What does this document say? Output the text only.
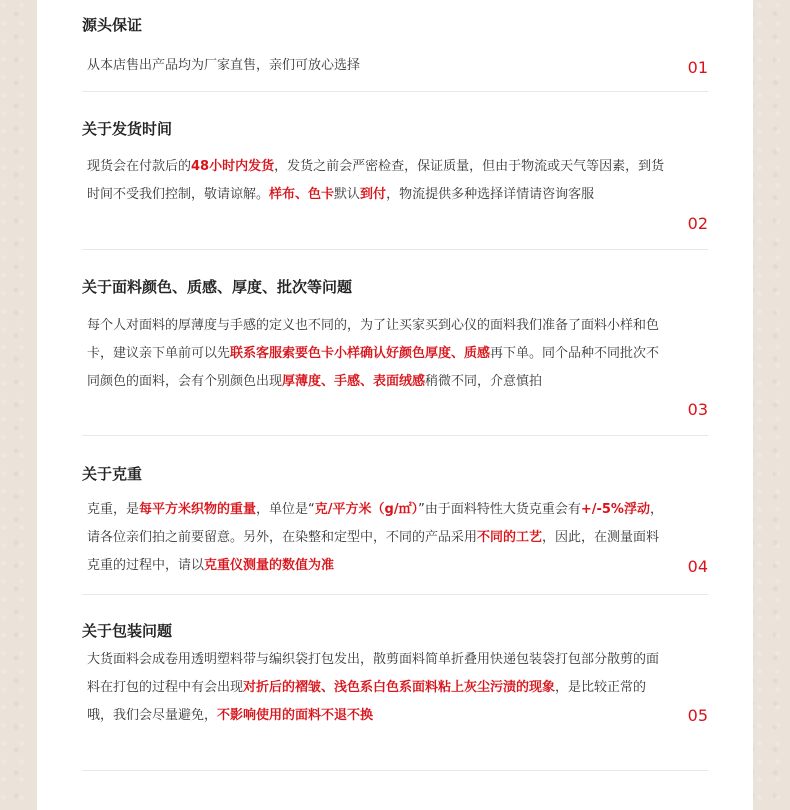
源头保证
从本店售出产品均为厂家直售，亲们可放心选择	01
关于发货时间
现货会在付款后的48小时内发货，发货之前会严密检查，保证质量，但由于物流或天气等因素，到货时间不受我们控制，敬请谅解。样布、色卡默认到付，物流提供多种选择详情请咨询客服
02
关于面料颜色、质感、厚度、批次等问题
每个人对面料的厚薄度与手感的定义也不同的，为了让买家买到心仪的面料我们准备了面料小样和色卡，建议亲下单前可以先联系客服索要色卡小样确认好颜色厚度、质感再下单。同个品种不同批次不同颜色的面料，会有个别颜色出现厚薄度、手感、表面绒感稍微不同，介意慎拍
03
关于克重
克重，是每平方米织物的重量，单位是“克/平方米（g/㎡）”由于面料特性大货克重会有+/-5%浮动，请各位亲们拍之前要留意。另外，在染整和定型中，不同的产品采用不同的工艺，因此，在测量面料克重的过程中，请以克重仪测量的数值为准	04
关于包装问题
大货面料会成卷用透明塑料带与编织袋打包发出，散剪面料简单折叠用快递包装袋打包部分散剪的面料在打包的过程中有会出现对折后的褶皱、浅色系白色系面料粘上灰尘污渍的现象，是比较正常的哦，我们会尽量避免，不影响使用的面料不退不换	05
